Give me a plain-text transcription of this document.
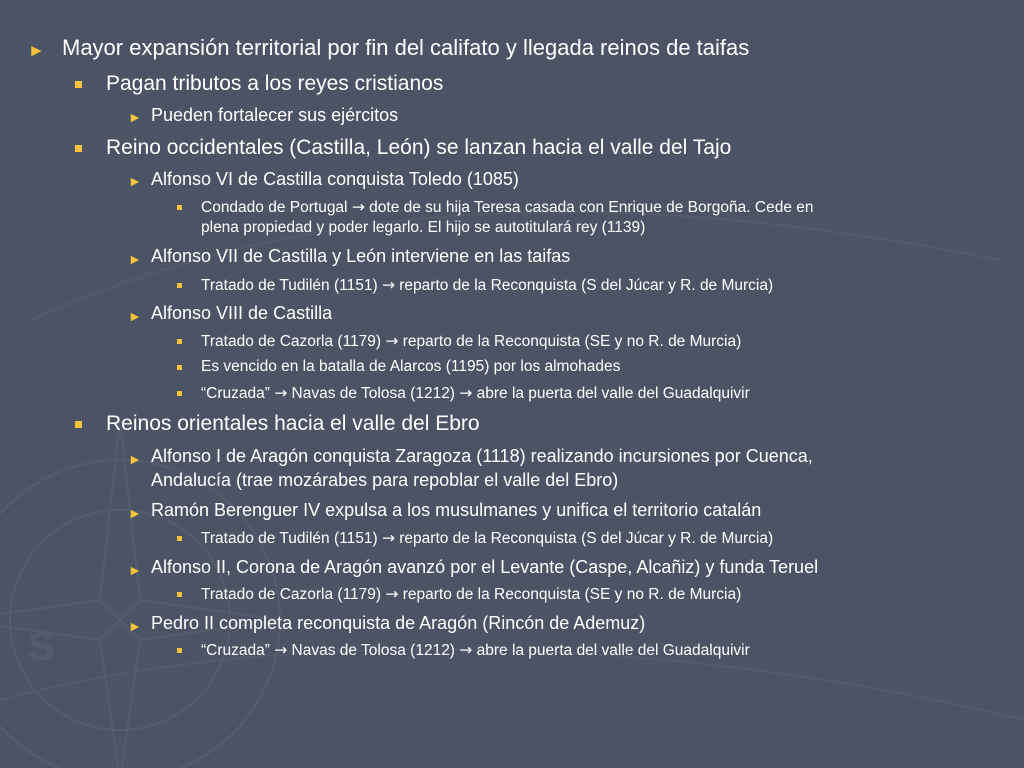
S
► Mayor expansión territorial por fin del califato y llegada reinos de taifas
Pagan tributos a los reyes cristianos
► Pueden fortalecer sus ejércitos
Reino occidentales (Castilla, León) se lanzan hacia el valle del Tajo
► Alfonso VI de Castilla conquista Toledo (1085)
Condado de Portugal → dote de su hija Teresa casada con Enrique de Borgoña. Cede en
plena propiedad y poder legarlo. El hijo se autotitulará rey (1139)
► Alfonso VII de Castilla y León interviene en las taifas
Tratado de Tudilén (1151) → reparto de la Reconquista (S del Júcar y R. de Murcia)
► Alfonso VIII de Castilla
Tratado de Cazorla (1179) → reparto de la Reconquista (SE y no R. de Murcia)
Es vencido en la batalla de Alarcos (1195) por los almohades
“Cruzada” → Navas de Tolosa (1212) → abre la puerta del valle del Guadalquivir
Reinos orientales hacia el valle del Ebro
► Alfonso I de Aragón conquista Zaragoza (1118) realizando incursiones por Cuenca,
Andalucía (trae mozárabes para repoblar el valle del Ebro)
► Ramón Berenguer IV expulsa a los musulmanes y unifica el territorio catalán
Tratado de Tudilén (1151) → reparto de la Reconquista (S del Júcar y R. de Murcia)
► Alfonso II, Corona de Aragón avanzó por el Levante (Caspe, Alcañiz) y funda Teruel
Tratado de Cazorla (1179) → reparto de la Reconquista (SE y no R. de Murcia)
► Pedro II completa reconquista de Aragón (Rincón de Ademuz)
“Cruzada” → Navas de Tolosa (1212) → abre la puerta del valle del Guadalquivir
